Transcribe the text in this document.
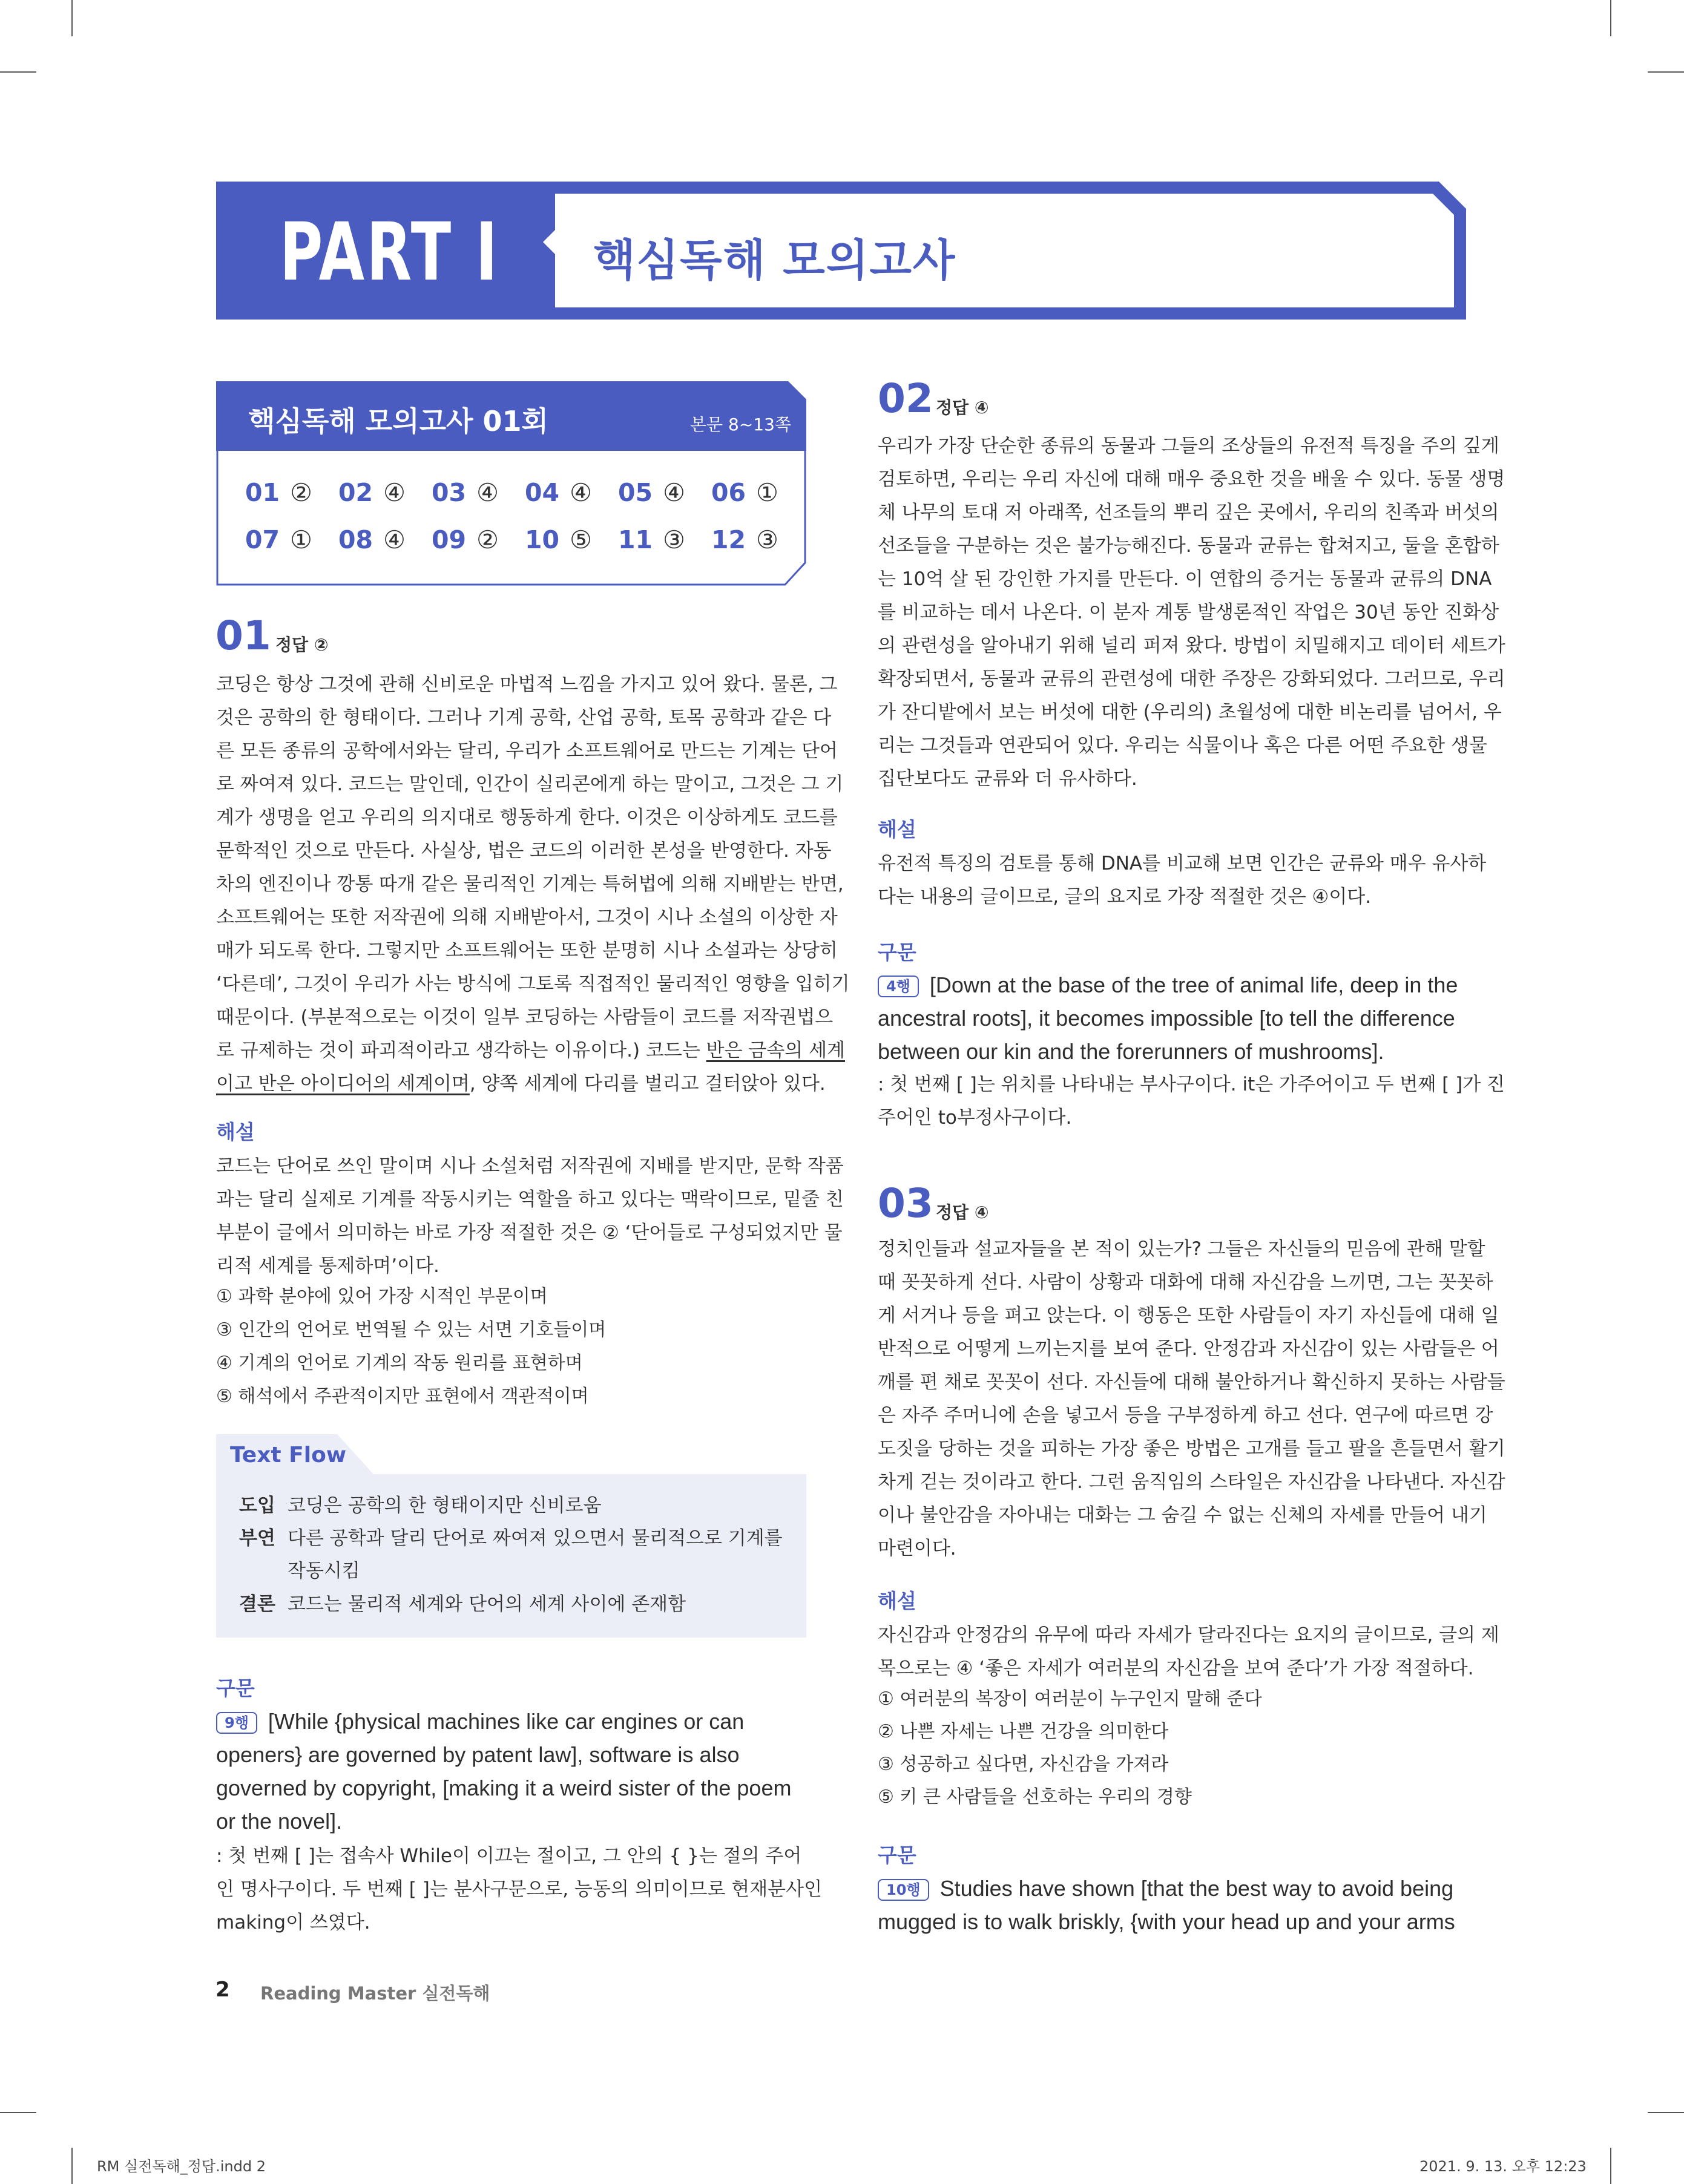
PART I 핵심독해 모의고사
핵심독해 모의고사 01회	본문 8~13쪽
01 ② 02 ④ 03 ④ 04 ④ 05 ④ 06 ①
07 ① 08 ④ 09 ② 10 ⑤ 11 ③ 12 ③
01 정답 ②
코딩은 항상 그것에 관해 신비로운 마법적 느낌을 가지고 있어 왔다. 물론, 그
것은 공학의 한 형태이다. 그러나 기계 공학, 산업 공학, 토목 공학과 같은 다
른 모든 종류의 공학에서와는 달리, 우리가 소프트웨어로 만드는 기계는 단어
로 짜여져 있다. 코드는 말인데, 인간이 실리콘에게 하는 말이고, 그것은 그 기
계가 생명을 얻고 우리의 의지대로 행동하게 한다. 이것은 이상하게도 코드를
문학적인 것으로 만든다. 사실상, 법은 코드의 이러한 본성을 반영한다. 자동
차의 엔진이나 깡통 따개 같은 물리적인 기계는 특허법에 의해 지배받는 반면,
소프트웨어는 또한 저작권에 의해 지배받아서, 그것이 시나 소설의 이상한 자
매가 되도록 한다. 그렇지만 소프트웨어는 또한 분명히 시나 소설과는 상당히
‘다른데’, 그것이 우리가 사는 방식에 그토록 직접적인 물리적인 영향을 입히기
때문이다. (부분적으로는 이것이 일부 코딩하는 사람들이 코드를 저작권법으
로 규제하는 것이 파괴적이라고 생각하는 이유이다.) 코드는 반은 금속의 세계
이고 반은 아이디어의 세계이며, 양쪽 세계에 다리를 벌리고 걸터앉아 있다.
해설
코드는 단어로 쓰인 말이며 시나 소설처럼 저작권에 지배를 받지만, 문학 작품
과는 달리 실제로 기계를 작동시키는 역할을 하고 있다는 맥락이므로, 밑줄 친
부분이 글에서 의미하는 바로 가장 적절한 것은 ② ‘단어들로 구성되었지만 물
리적 세계를 통제하며’이다.
① 과학 분야에 있어 가장 시적인 부문이며
③ 인간의 언어로 번역될 수 있는 서면 기호들이며
④ 기계의 언어로 기계의 작동 원리를 표현하며
⑤ 해석에서 주관적이지만 표현에서 객관적이며
Text Flow
도입 코딩은 공학의 한 형태이지만 신비로움
부연 다른 공학과 달리 단어로 짜여져 있으면서 물리적으로 기계를
작동시킴
결론 코드는 물리적 세계와 단어의 세계 사이에 존재함
구문
9행 [While {physical machines like car engines or can
openers} are governed by patent law], software is also
governed by copyright, [making it a weird sister of the poem
or the novel].
: 첫 번째 [ ]는 접속사 While이 이끄는 절이고, 그 안의 { }는 절의 주어
인 명사구이다. 두 번째 [ ]는 분사구문으로, 능동의 의미이므로 현재분사인
making이 쓰였다.
02 정답 ④
우리가 가장 단순한 종류의 동물과 그들의 조상들의 유전적 특징을 주의 깊게
검토하면, 우리는 우리 자신에 대해 매우 중요한 것을 배울 수 있다. 동물 생명
체 나무의 토대 저 아래쪽, 선조들의 뿌리 깊은 곳에서, 우리의 친족과 버섯의
선조들을 구분하는 것은 불가능해진다. 동물과 균류는 합쳐지고, 둘을 혼합하
는 10억 살 된 강인한 가지를 만든다. 이 연합의 증거는 동물과 균류의 DNA
를 비교하는 데서 나온다. 이 분자 계통 발생론적인 작업은 30년 동안 진화상
의 관련성을 알아내기 위해 널리 퍼져 왔다. 방법이 치밀해지고 데이터 세트가
확장되면서, 동물과 균류의 관련성에 대한 주장은 강화되었다. 그러므로, 우리
가 잔디밭에서 보는 버섯에 대한 (우리의) 초월성에 대한 비논리를 넘어서, 우
리는 그것들과 연관되어 있다. 우리는 식물이나 혹은 다른 어떤 주요한 생물
집단보다도 균류와 더 유사하다.
해설
유전적 특징의 검토를 통해 DNA를 비교해 보면 인간은 균류와 매우 유사하
다는 내용의 글이므로, 글의 요지로 가장 적절한 것은 ④이다.
구문
4행 [Down at the base of the tree of animal life, deep in the
ancestral roots], it becomes impossible [to tell the difference
between our kin and the forerunners of mushrooms].
: 첫 번째 [ ]는 위치를 나타내는 부사구이다. it은 가주어이고 두 번째 [ ]가 진
주어인 to부정사구이다.
03 정답 ④
정치인들과 설교자들을 본 적이 있는가? 그들은 자신들의 믿음에 관해 말할
때 꼿꼿하게 선다. 사람이 상황과 대화에 대해 자신감을 느끼면, 그는 꼿꼿하
게 서거나 등을 펴고 앉는다. 이 행동은 또한 사람들이 자기 자신들에 대해 일
반적으로 어떻게 느끼는지를 보여 준다. 안정감과 자신감이 있는 사람들은 어
깨를 편 채로 꼿꼿이 선다. 자신들에 대해 불안하거나 확신하지 못하는 사람들
은 자주 주머니에 손을 넣고서 등을 구부정하게 하고 선다. 연구에 따르면 강
도짓을 당하는 것을 피하는 가장 좋은 방법은 고개를 들고 팔을 흔들면서 활기
차게 걷는 것이라고 한다. 그런 움직임의 스타일은 자신감을 나타낸다. 자신감
이나 불안감을 자아내는 대화는 그 숨길 수 없는 신체의 자세를 만들어 내기
마련이다.
해설
자신감과 안정감의 유무에 따라 자세가 달라진다는 요지의 글이므로, 글의 제
목으로는 ④ ‘좋은 자세가 여러분의 자신감을 보여 준다’가 가장 적절하다.
① 여러분의 복장이 여러분이 누구인지 말해 준다
② 나쁜 자세는 나쁜 건강을 의미한다
③ 성공하고 싶다면, 자신감을 가져라
⑤ 키 큰 사람들을 선호하는 우리의 경향
구문
10행 Studies have shown [that the best way to avoid being
mugged is to walk briskly, {with your head up and your arms
2 Reading Master 실전독해
RM 실전독해_정답.indd 2	2021. 9. 13. 오후 12:23
